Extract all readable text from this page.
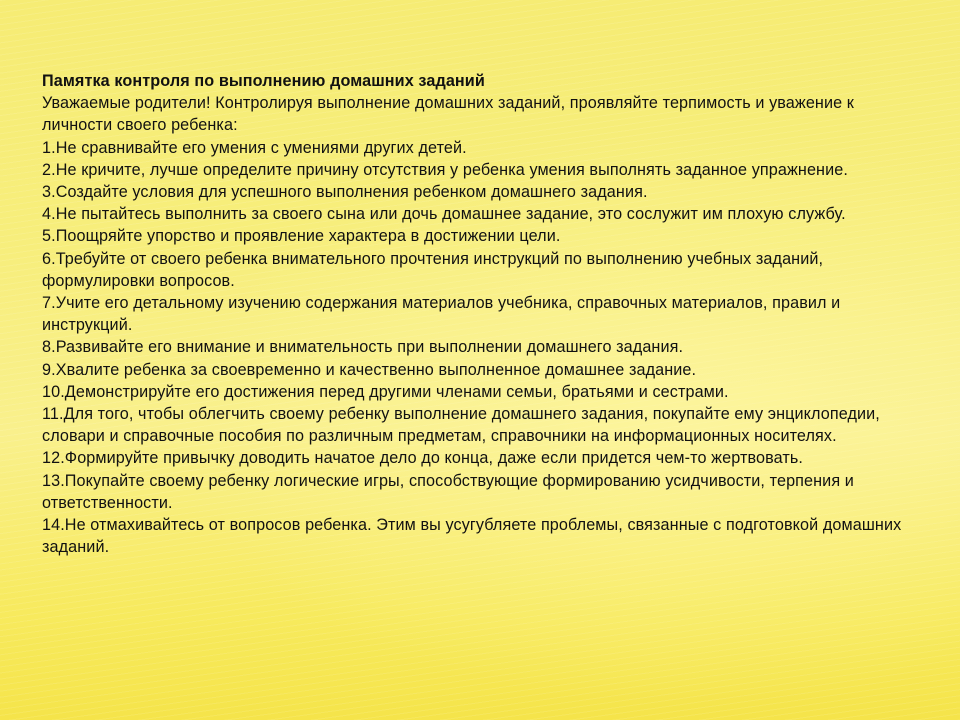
Памятка контроля по выполнению домашних заданий

Уважаемые родители! Контролируя выполнение домашних заданий, проявляйте терпимость и уважение к личности своего ребенка:

1.Не сравнивайте его умения с умениями других детей.
2.Не кричите, лучше определите причину отсутствия у ребенка умения выполнять заданное упражнение.
3.Создайте условия для успешного выполнения ребенком домашнего задания.
4.Не пытайтесь выполнить за своего сына или дочь домашнее задание, это сослужит им плохую службу.
5.Поощряйте упорство и проявление характера в достижении цели.
6.Требуйте от своего ребенка внимательного прочтения инструкций по выполнению учебных заданий, формулировки вопросов.
7.Учите его детальному изучению содержания материалов учебника, справочных материалов, правил и инструкций.
8.Развивайте его внимание и внимательность при выполнении домашнего задания.
9.Хвалите ребенка за своевременно и качественно выполненное домашнее задание.
10.Демонстрируйте его достижения перед другими членами семьи, братьями и сестрами.
11.Для того, чтобы облегчить своему ребенку выполнение домашнего задания, покупайте ему энциклопедии, словари и справочные пособия по различным предметам, справочники на информационных носителях.
12.Формируйте привычку доводить начатое дело до конца, даже если придется чем-то жертвовать.
13.Покупайте своему ребенку логические игры, способствующие формированию усидчивости, терпения и ответственности.
14.Не отмахивайтесь от вопросов ребенка. Этим вы усугубляете проблемы, связанные с подготовкой домашних заданий.
